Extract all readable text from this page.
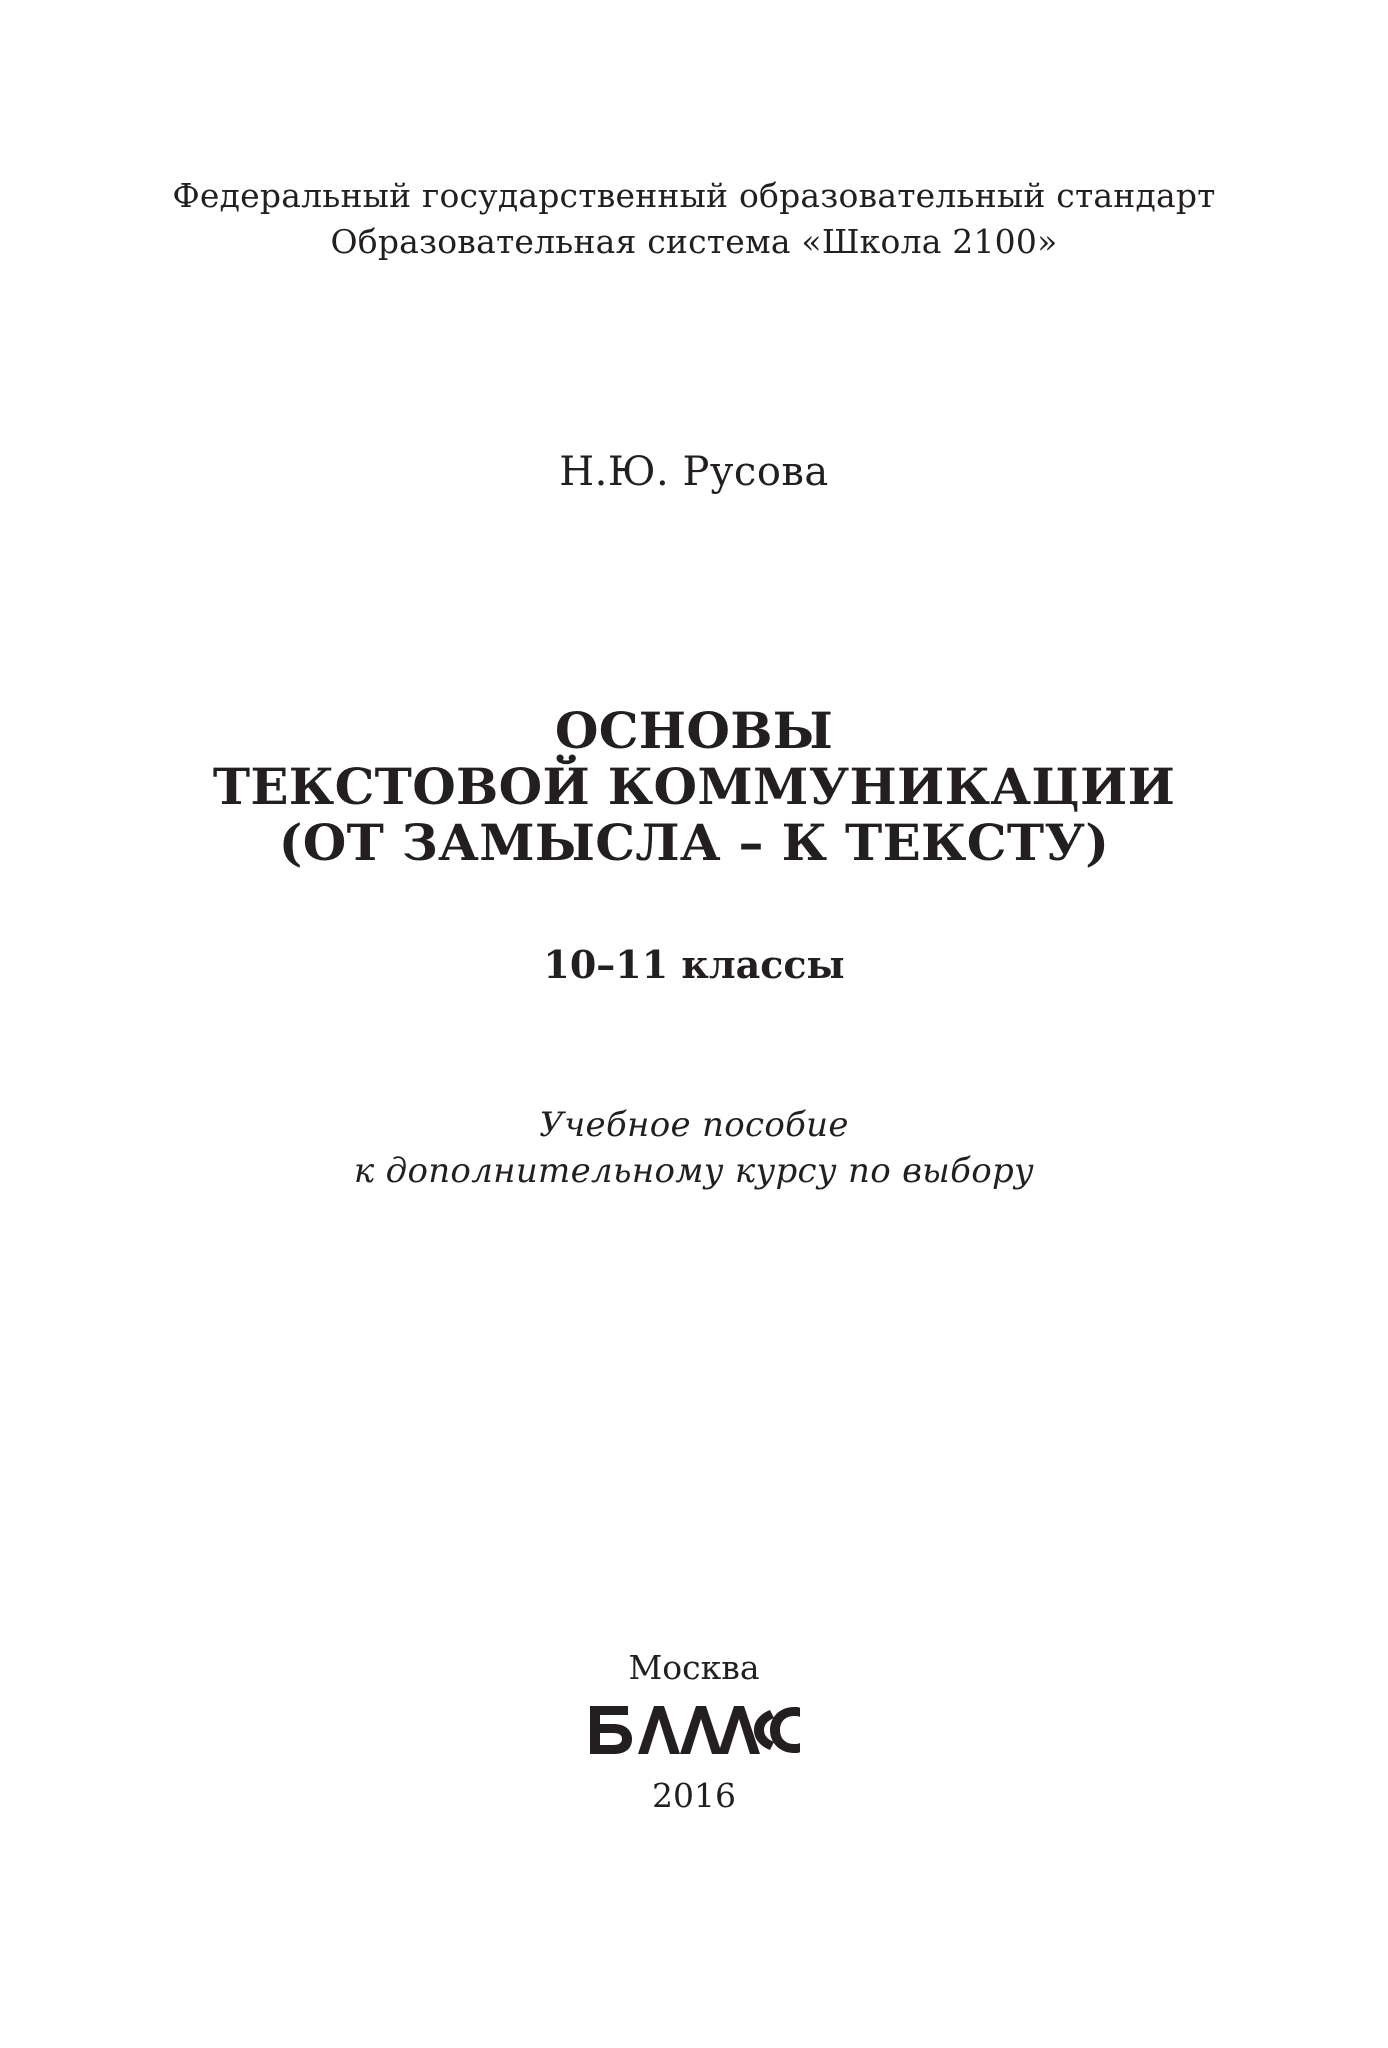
Федеральный государственный образовательный стандарт
Образовательная система «Школа 2100»
Н.Ю. Русова
ОСНОВЫ
ТЕКСТОВОЙ КОММУНИКАЦИИ
(ОТ ЗАМЫСЛА – К ТЕКСТУ)
10–11 классы
Учебное пособие
к дополнительному курсу по выбору
Москва
2016
